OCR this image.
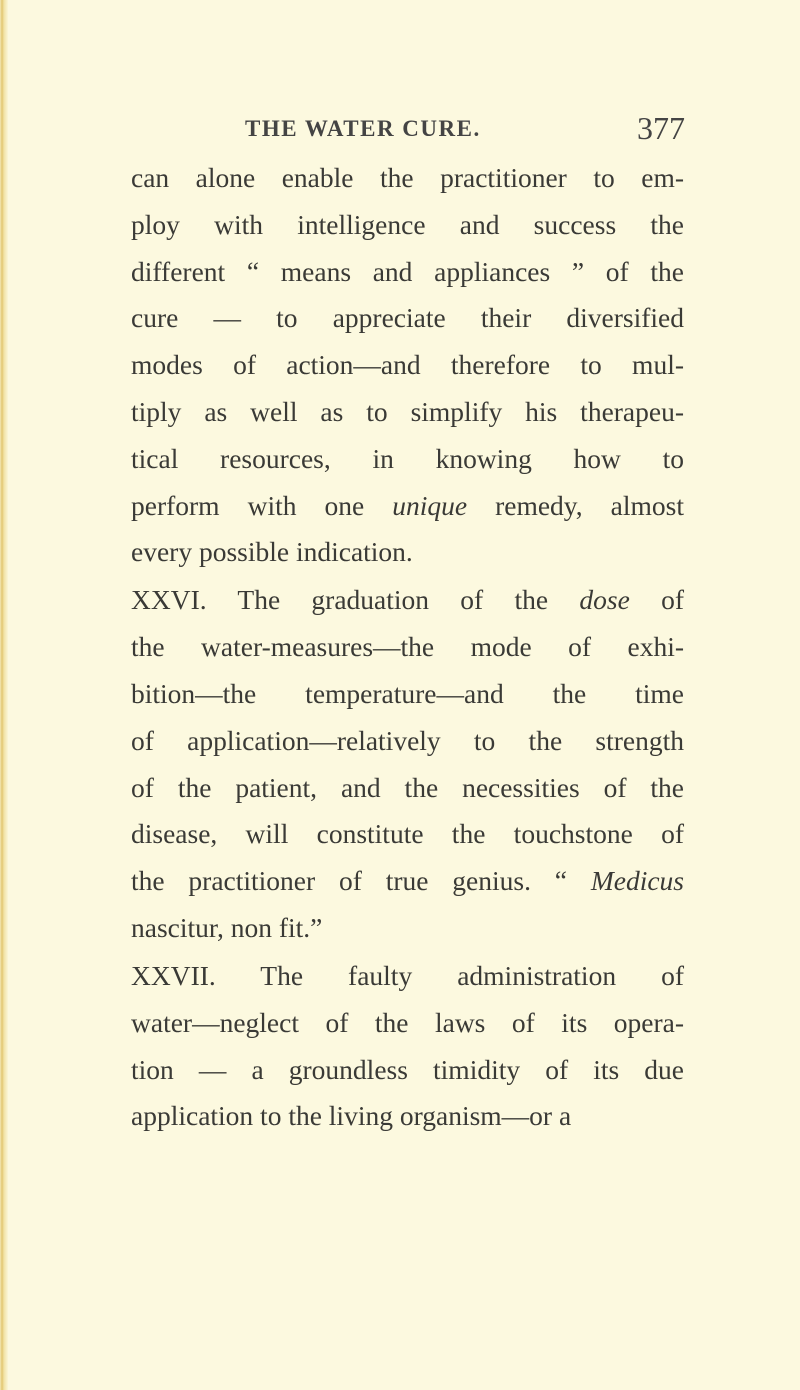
THE WATER CURE.	377
can alone enable the practitioner to em-
ploy with intelligence and success the
different “ means and appliances ” of the
cure — to appreciate their diversified
modes of action—and therefore to mul-
tiply as well as to simplify his therapeu-
tical resources, in knowing how to
perform with one unique remedy, almost
every possible indication.
XXVI. The graduation of the dose of
the water-measures—the mode of exhi-
bition—the temperature—and the time
of application—relatively to the strength
of the patient, and the necessities of the
disease, will constitute the touchstone of
the practitioner of true genius. “ Medicus
nascitur, non fit.”
XXVII. The faulty administration of
water—neglect of the laws of its opera-
tion — a groundless timidity of its due
application to the living organism—or a
